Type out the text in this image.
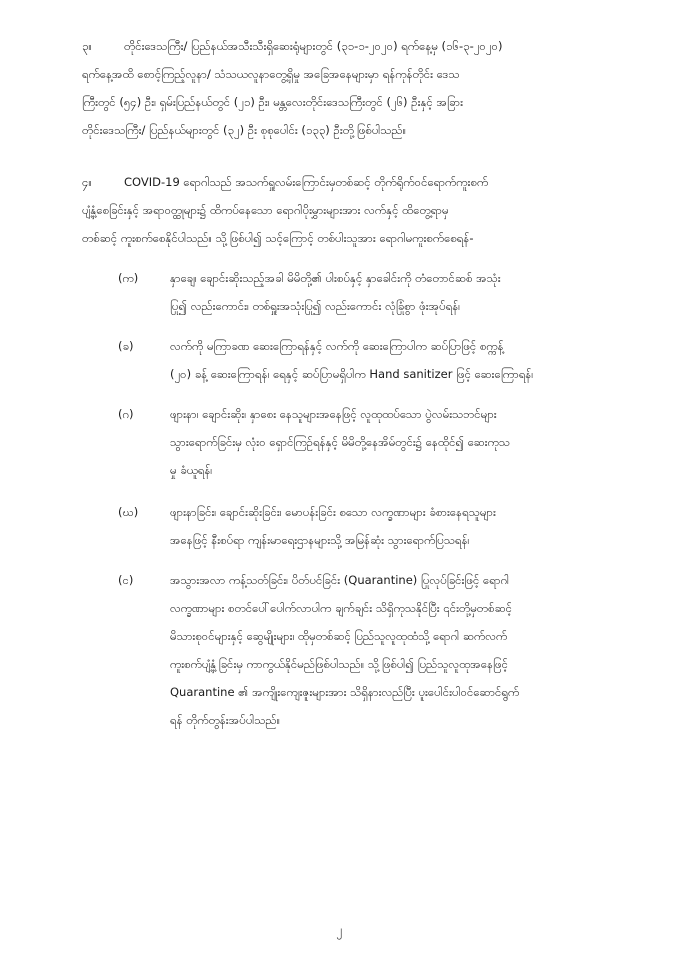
၃။	တိုင်းဒေသကြီး/ ပြည်နယ်အသီးသီးရှိဆေးရုံများတွင် (၃၁-၁-၂၀၂၀) ရက်နေ့မှ (၁၆-၃-၂၀၂၀)
ရက်နေ့အထိ စောင့်ကြည့်လူနာ/ သံသယလူနာတွေ့ရှိမှု အခြေအနေများမှာ ရန်ကုန်တိုင်း ဒေသ
ကြီးတွင် (၅၄) ဦး၊ ရှမ်းပြည်နယ်တွင် (၂၁) ဦး၊ မန္တလေးတိုင်းဒေသကြီးတွင် (၂၆) ဦးနှင့် အခြား
တိုင်းဒေသကြီး/ ပြည်နယ်များတွင် (၃၂) ဦး စုစုပေါင်း (၁၃၃) ဦးတို့ဖြစ်ပါသည်။
၄။	COVID-19 ရောဂါသည် အသက်ရှူလမ်းကြောင်းမှတစ်ဆင့် တိုက်ရိုက်ဝင်ရောက်ကူးစက်
ပျံ့နှံ့စေခြင်းနှင့် အရာဝတ္ထုများ၌ ထိကပ်နေသော ရောဂါပိုးမွှားများအား လက်နှင့် ထိတွေ့ရာမှ
တစ်ဆင့် ကူးစက်စေနိုင်ပါသည်။ သို့ဖြစ်ပါ၍ သင့်ကြောင့် တစ်ပါးသူအား ရောဂါမကူးစက်စေရန်-
(က)	နှာချေ၊ ချောင်းဆိုးသည့်အခါ မိမိတို့၏ ပါးစပ်နှင့် နှာခေါင်းကို တံတောင်ဆစ် အသုံး
ပြု၍ လည်းကောင်း၊ တစ်ရှူးအသုံးပြု၍ လည်းကောင်း လုံခြုံစွာ ဖုံးအုပ်ရန်၊
(ခ)	လက်ကို မကြာခဏ ဆေးကြောရန်နှင့် လက်ကို ဆေးကြောပါက ဆပ်ပြာဖြင့် စက္ကန့်
(၂၀) ခန့် ဆေးကြောရန်၊ ရေနှင့် ဆပ်ပြာမရှိပါက Hand sanitizer ဖြင့် ဆေးကြောရန်၊
(ဂ)	ဖျားနာ၊ ချောင်းဆိုး၊ နှာစေး နေသူများအနေဖြင့် လူထုထပ်သော ပွဲလမ်းသဘင်များ
သွားရောက်ခြင်းမှ လုံးဝ ရှောင်ကြဉ်ရန်နှင့် မိမိတို့နေအိမ်တွင်း၌ နေထိုင်၍ ဆေးကုသ
မှု ခံယူရန်၊
(ဃ)	ဖျားနာခြင်း၊ ချောင်းဆိုးခြင်း၊ မောပန်းခြင်း စသော လက္ခဏာများ ခံစားနေရသူများ
အနေဖြင့် နီးစပ်ရာ ကျန်းမာရေးဌာနများသို့ အမြန်ဆုံး သွားရောက်ပြသရန်၊
(င)	အသွားအလာ ကန့်သတ်ခြင်း၊ ပိတ်ပင်ခြင်း (Quarantine) ပြုလုပ်ခြင်းဖြင့် ရောဂါ
လက္ခဏာများ စတင်ပေါ်ပေါက်လာပါက ချက်ချင်း သိရှိကုသနိုင်ပြီး ၎င်းတို့မှတစ်ဆင့်
မိသားစုဝင်များနှင့် ဆွေမျိုးများ၊ ထိုမှတစ်ဆင့် ပြည်သူလူထုထံသို့ ရောဂါ ဆက်လက်
ကူးစက်ပျံ့နှံ့ခြင်းမှ ကာကွယ်နိုင်မည်ဖြစ်ပါသည်။ သို့ဖြစ်ပါ၍ ပြည်သူလူထုအနေဖြင့်
Quarantine ၏ အကျိုးကျေးဇူးများအား သိရှိနားလည်ပြီး ပူးပေါင်းပါဝင်ဆောင်ရွက်
ရန် တိုက်တွန်းအပ်ပါသည်။
၂
